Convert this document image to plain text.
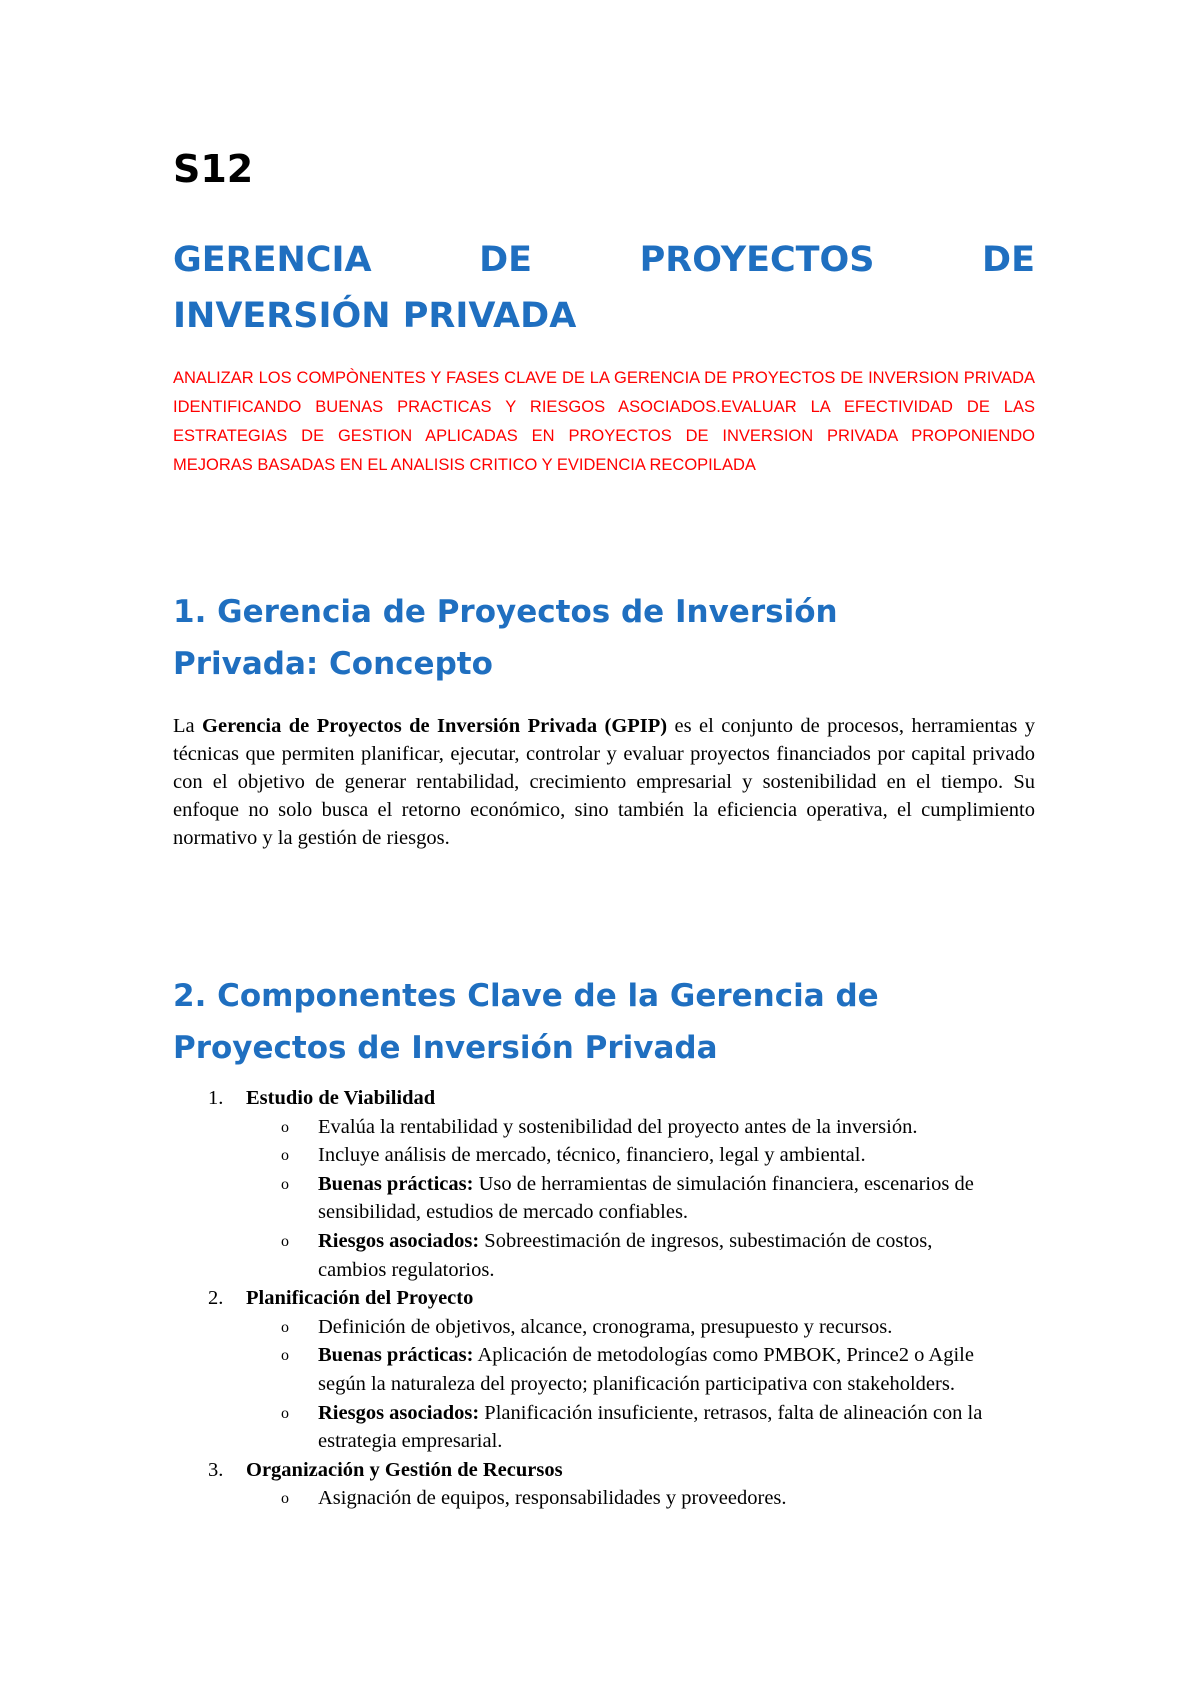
S12
GERENCIA	DE	PROYECTOS	DE
INVERSIÓN PRIVADA

ANALIZAR LOS COMPÒNENTES Y FASES CLAVE DE LA GERENCIA DE PROYECTOS DE INVERSION PRIVADA IDENTIFICANDO BUENAS PRACTICAS Y RIESGOS ASOCIADOS.EVALUAR LA EFECTIVIDAD DE LAS ESTRATEGIAS DE GESTION APLICADAS EN PROYECTOS DE INVERSION PRIVADA PROPONIENDO MEJORAS BASADAS EN EL ANALISIS CRITICO Y EVIDENCIA RECOPILADA

1. Gerencia de Proyectos de Inversión
Privada: Concepto

La Gerencia de Proyectos de Inversión Privada (GPIP) es el conjunto de procesos, herramientas y técnicas que permiten planificar, ejecutar, controlar y evaluar proyectos financiados por capital privado con el objetivo de generar rentabilidad, crecimiento empresarial y sostenibilidad en el tiempo. Su enfoque no solo busca el retorno económico, sino también la eficiencia operativa, el cumplimiento normativo y la gestión de riesgos.

2. Componentes Clave de la Gerencia de
Proyectos de Inversión Privada
1. Estudio de Viabilidad
o Evalúa la rentabilidad y sostenibilidad del proyecto antes de la inversión.
o Incluye análisis de mercado, técnico, financiero, legal y ambiental.
o Buenas prácticas: Uso de herramientas de simulación financiera, escenarios de sensibilidad, estudios de mercado confiables.
o Riesgos asociados: Sobreestimación de ingresos, subestimación de costos, cambios regulatorios.
2. Planificación del Proyecto
o Definición de objetivos, alcance, cronograma, presupuesto y recursos.
o Buenas prácticas: Aplicación de metodologías como PMBOK, Prince2 o Agile según la naturaleza del proyecto; planificación participativa con stakeholders.
o Riesgos asociados: Planificación insuficiente, retrasos, falta de alineación con la estrategia empresarial.
3. Organización y Gestión de Recursos
o Asignación de equipos, responsabilidades y proveedores.
